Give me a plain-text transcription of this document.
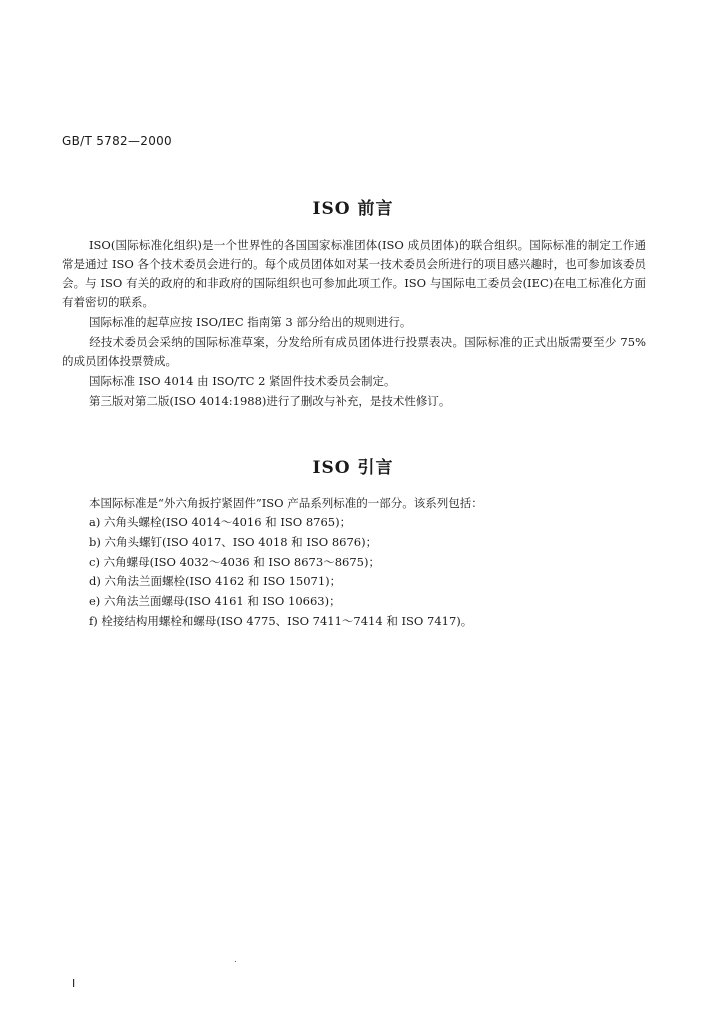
GB/T 5782—2000
ISO 前言
ISO(国际标准化组织)是一个世界性的各国国家标准团体(ISO 成员团体)的联合组织。国际标准的制定工作通常是通过 ISO 各个技术委员会进行的。每个成员团体如对某一技术委员会所进行的项目感兴趣时，也可参加该委员会。与 ISO 有关的政府的和非政府的国际组织也可参加此项工作。ISO 与国际电工委员会(IEC)在电工标准化方面有着密切的联系。
国际标准的起草应按 ISO/IEC 指南第 3 部分给出的规则进行。
经技术委员会采纳的国际标准草案，分发给所有成员团体进行投票表决。国际标准的正式出版需要至少 75%的成员团体投票赞成。
国际标准 ISO 4014 由 ISO/TC 2 紧固件技术委员会制定。
第三版对第二版(ISO 4014:1988)进行了删改与补充，是技术性修订。
ISO 引言
本国际标准是“外六角扳拧紧固件”ISO 产品系列标准的一部分。该系列包括：
a) 六角头螺栓(ISO 4014～4016 和 ISO 8765)；
b) 六角头螺钉(ISO 4017、ISO 4018 和 ISO 8676)；
c) 六角螺母(ISO 4032～4036 和 ISO 8673～8675)；
d) 六角法兰面螺栓(ISO 4162 和 ISO 15071)；
e) 六角法兰面螺母(ISO 4161 和 ISO 10663)；
f) 栓接结构用螺栓和螺母(ISO 4775、ISO 7411～7414 和 ISO 7417)。
I
